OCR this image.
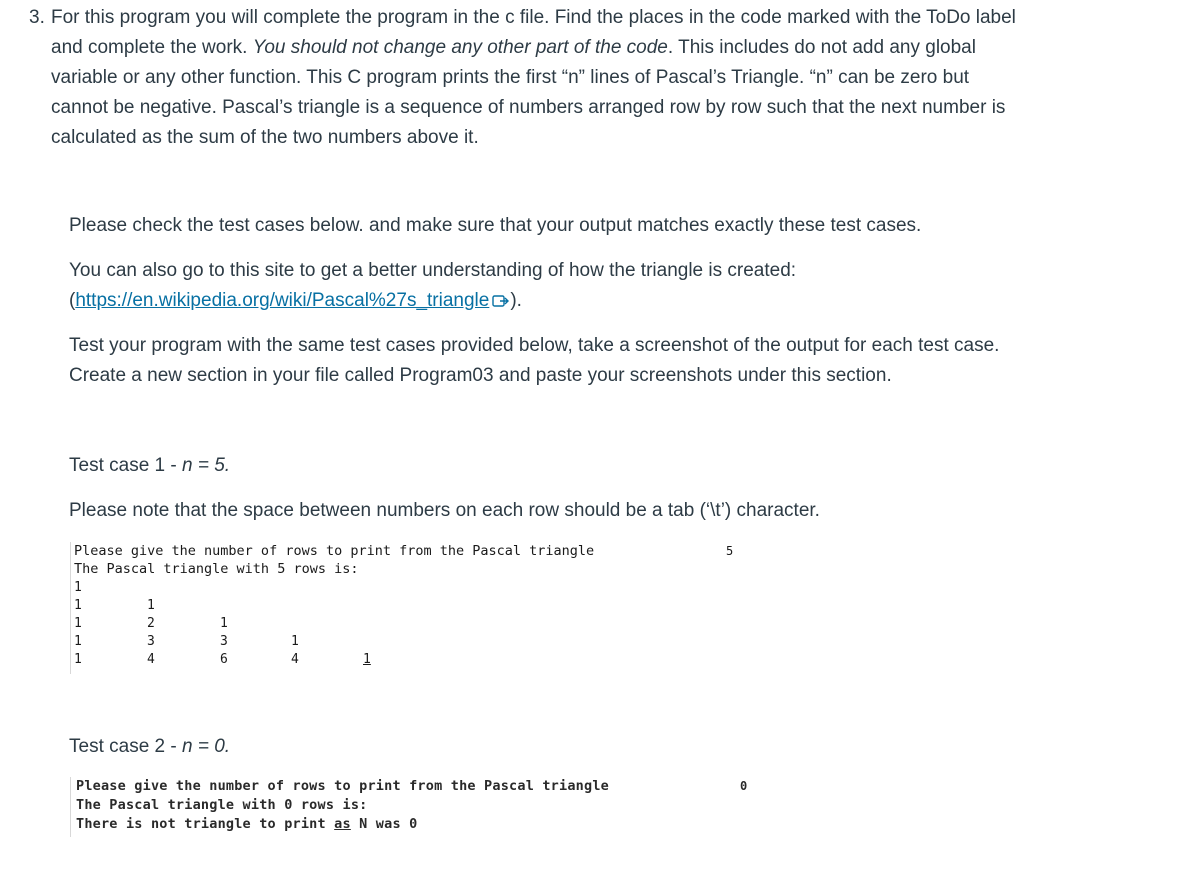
3. For this program you will complete the program in the c file. Find the places in the code marked with the ToDo label
and complete the work. You should not change any other part of the code. This includes do not add any global
variable or any other function. This C program prints the first “n” lines of Pascal’s Triangle. “n” can be zero but
cannot be negative. Pascal’s triangle is a sequence of numbers arranged row by row such that the next number is
calculated as the sum of the two numbers above it.
Please check the test cases below. and make sure that your output matches exactly these test cases.
You can also go to this site to get a better understanding of how the triangle is created:
(https://en.wikipedia.org/wiki/Pascal%27s_triangle ).
Test your program with the same test cases provided below, take a screenshot of the output for each test case.
Create a new section in your file called Program03 and paste your screenshots under this section.
Test case 1 - n = 5.
Please note that the space between numbers on each row should be a tab (‘\t’) character.
Please give the number of rows to print from the Pascal triangle	5
The Pascal triangle with 5 rows is:
1
1	1
1	2	1
1	3	3	1
1	4	6	4	1
Test case 2 - n = 0.
Please give the number of rows to print from the Pascal triangle	0
The Pascal triangle with 0 rows is:
There is not triangle to print as N was 0
